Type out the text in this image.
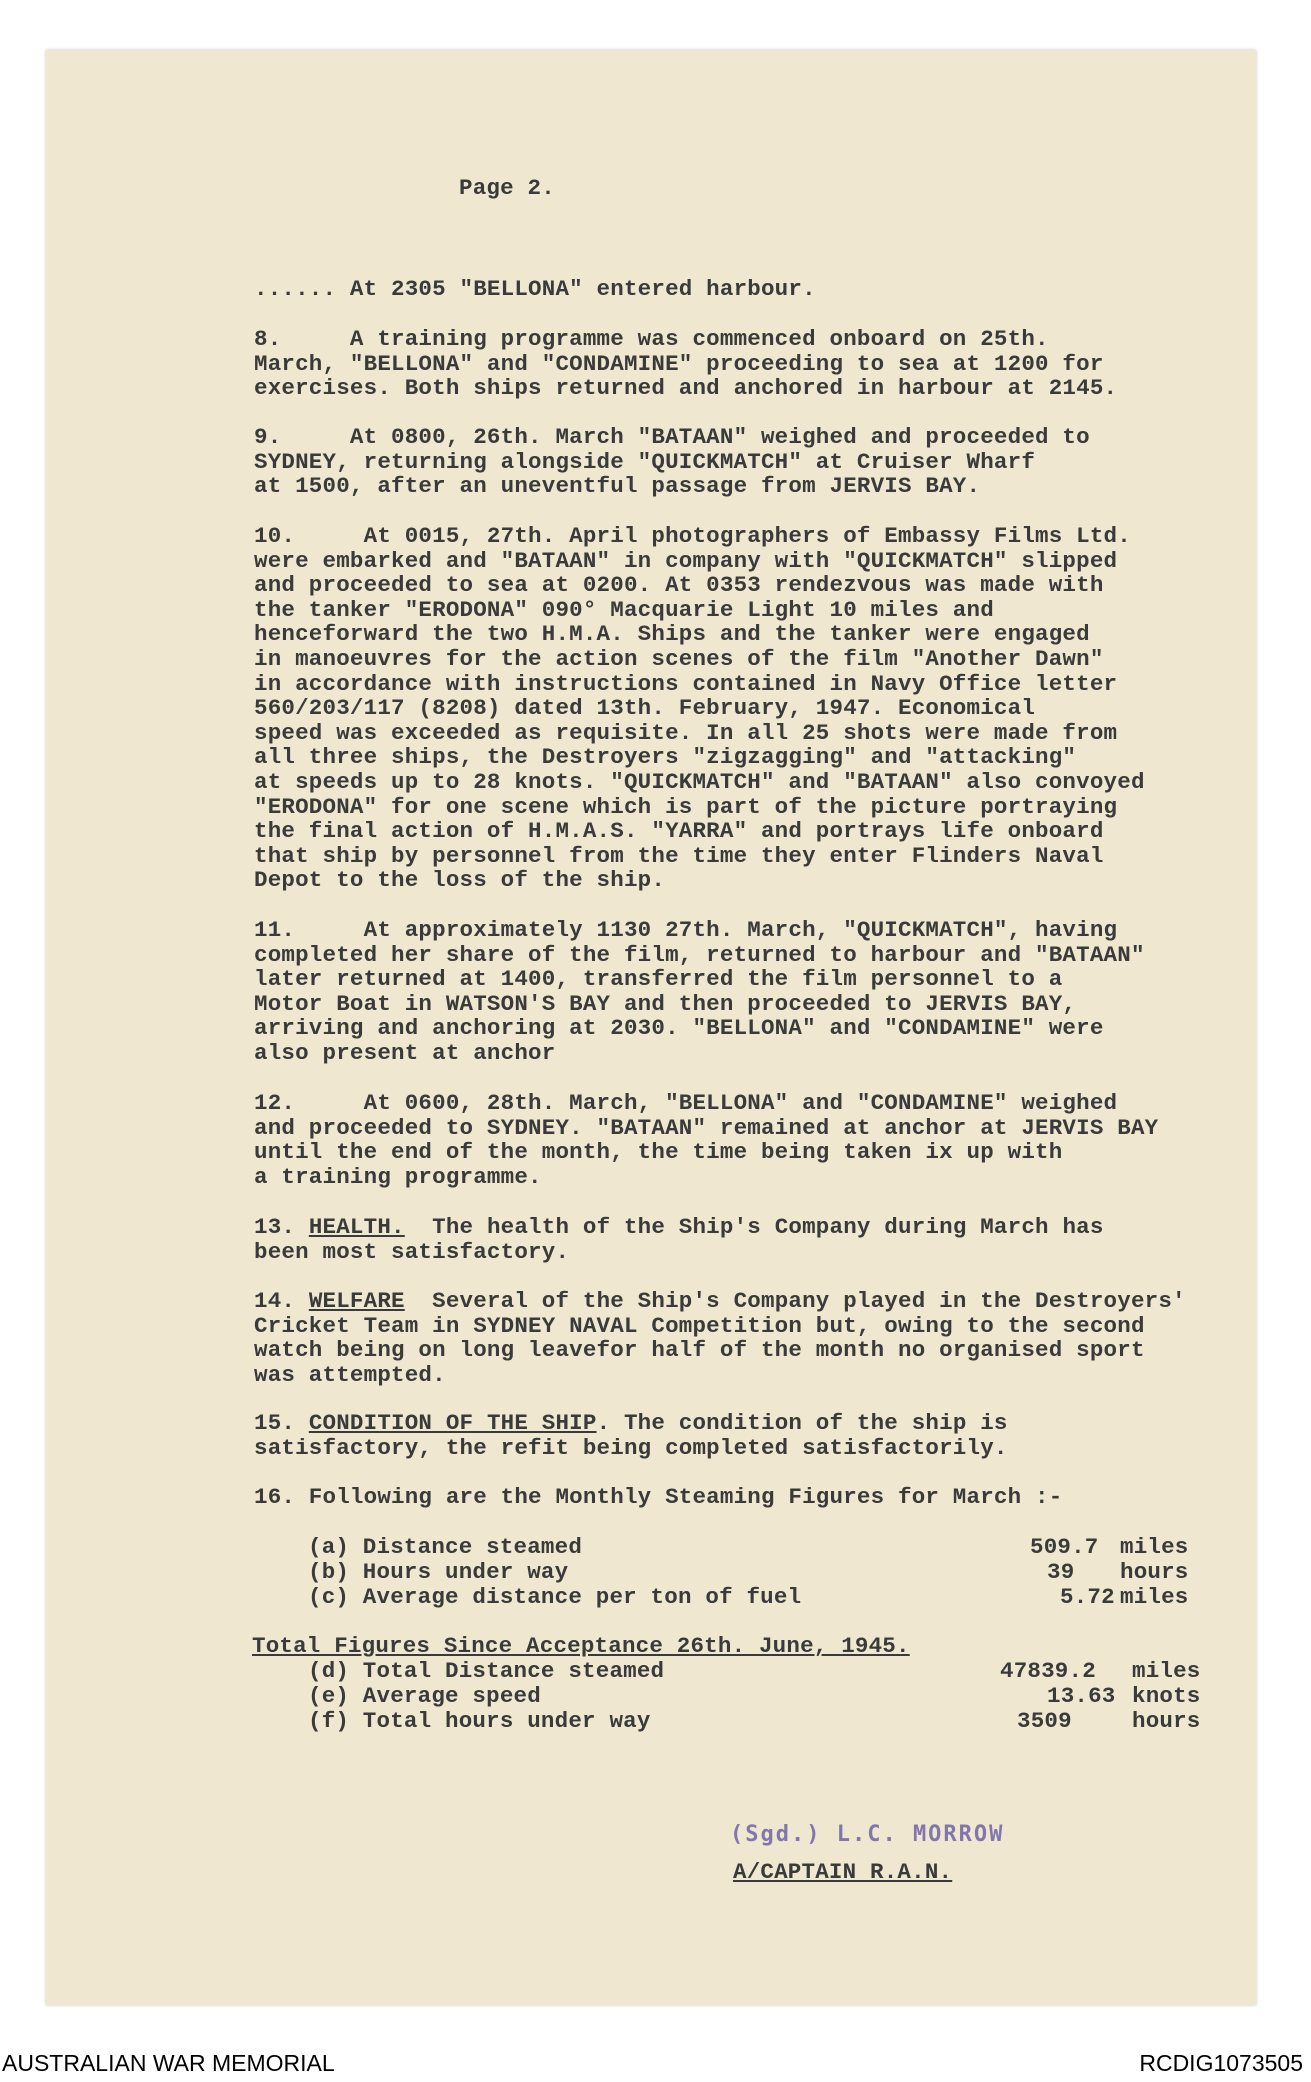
Page 2.
...... At 2305 "BELLONA" entered harbour.
8.     A training programme was commenced onboard on 25th.
March, "BELLONA" and "CONDAMINE" proceeding to sea at 1200 for
exercises. Both ships returned and anchored in harbour at 2145.
9.     At 0800, 26th. March "BATAAN" weighed and proceeded to
SYDNEY, returning alongside "QUICKMATCH" at Cruiser Wharf
at 1500, after an uneventful passage from JERVIS BAY.
10.     At 0015, 27th. April photographers of Embassy Films Ltd.
were embarked and "BATAAN" in company with "QUICKMATCH" slipped
and proceeded to sea at 0200. At 0353 rendezvous was made with
the tanker "ERODONA" 090° Macquarie Light 10 miles and
henceforward the two H.M.A. Ships and the tanker were engaged
in manoeuvres for the action scenes of the film "Another Dawn"
in accordance with instructions contained in Navy Office letter
560/203/117 (8208) dated 13th. February, 1947. Economical
speed was exceeded as requisite. In all 25 shots were made from
all three ships, the Destroyers "zigzagging" and "attacking"
at speeds up to 28 knots. "QUICKMATCH" and "BATAAN" also convoyed
"ERODONA" for one scene which is part of the picture portraying
the final action of H.M.A.S. "YARRA" and portrays life onboard
that ship by personnel from the time they enter Flinders Naval
Depot to the loss of the ship.
11.     At approximately 1130 27th. March, "QUICKMATCH", having
completed her share of the film, returned to harbour and "BATAAN"
later returned at 1400, transferred the film personnel to a
Motor Boat in WATSON'S BAY and then proceeded to JERVIS BAY,
arriving and anchoring at 2030. "BELLONA" and "CONDAMINE" were
also present at anchor
12.     At 0600, 28th. March, "BELLONA" and "CONDAMINE" weighed
and proceeded to SYDNEY. "BATAAN" remained at anchor at JERVIS BAY
until the end of the month, the time being taken ix up with
a training programme.
13. HEALTH.  The health of the Ship's Company during March has
been most satisfactory.
14. WELFARE  Several of the Ship's Company played in the Destroyers'
Cricket Team in SYDNEY NAVAL Competition but, owing to the second
watch being on long leavefor half of the month no organised sport
was attempted.
15. CONDITION OF THE SHIP. The condition of the ship is
satisfactory, the refit being completed satisfactorily.
16. Following are the Monthly Steaming Figures for March :-
(a) Distance steamed	509.7 miles
(b) Hours under way	39 hours
(c) Average distance per ton of fuel	5.72 miles
Total Figures Since Acceptance 26th. June, 1945.
(d) Total Distance steamed	47839.2 miles
(e) Average speed	13.63 knots
(f) Total hours under way	3509	hours
(Sgd.) L.C. MORROW
A/CAPTAIN R.A.N.
AUSTRALIAN WAR MEMORIAL	RCDIG1073505
